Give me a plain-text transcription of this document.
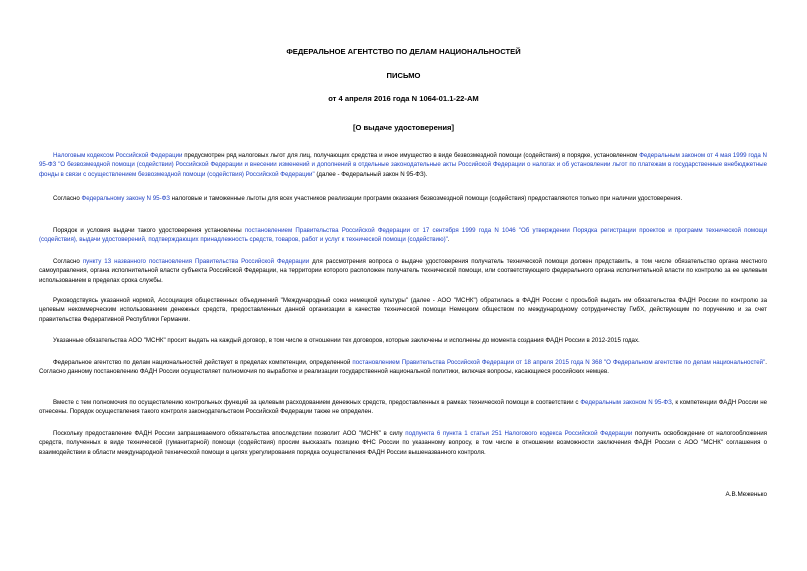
ФЕДЕРАЛЬНОЕ АГЕНТСТВО ПО ДЕЛАМ НАЦИОНАЛЬНОСТЕЙ
ПИСЬМО
от 4 апреля 2016 года N 1064-01.1-22-АМ
[О выдаче удостоверения]
Налоговым кодексом Российской Федерации предусмотрен ряд налоговых льгот для лиц, получающих средства и иное имущество в виде безвозмездной помощи (содействия) в порядке, установленном Федеральным законом от 4 мая 1999 года N 95-ФЗ "О безвозмездной помощи (содействии) Российской Федерации и внесении изменений и дополнений в отдельные законодательные акты Российской Федерации о налогах и об установлении льгот по платежам в государственные внебюджетные фонды в связи с осуществлением безвозмездной помощи (содействия) Российской Федерации" (далее - Федеральный закон N 95-ФЗ).
Согласно Федеральному закону N 95-ФЗ налоговые и таможенные льготы для всех участников реализации программ оказания безвозмездной помощи (содействия) предоставляются только при наличии удостоверения.
Порядок и условия выдачи такого удостоверения установлены постановлением Правительства Российской Федерации от 17 сентября 1999 года N 1046 "Об утверждении Порядка регистрации проектов и программ технической помощи (содействия), выдачи удостоверений, подтверждающих принадлежность средств, товаров, работ и услуг к технической помощи (содействию)".
Согласно пункту 13 названного постановления Правительства Российской Федерации для рассмотрения вопроса о выдаче удостоверения получатель технической помощи должен представить, в том числе обязательство органа местного самоуправления, органа исполнительной власти субъекта Российской Федерации, на территории которого расположен получатель технической помощи, или соответствующего федерального органа исполнительной власти по контролю за ее целевым использованием в пределах срока службы.
Руководствуясь указанной нормой, Ассоциация общественных объединений "Международный союз немецкой культуры" (далее - АОО "МСНК") обратилась в ФАДН России с просьбой выдать им обязательства ФАДН России по контролю за целевым некоммерческим использованием денежных средств, предоставленных данной организации в качестве технической помощи Немецким обществом по международному сотрудничеству ГмбХ, действующим по поручению и за счет правительства Федеративной Республики Германии.
Указанные обязательства АОО "МСНК" просит выдать на каждый договор, в том числе в отношении тех договоров, которые заключены и исполнены до момента создания ФАДН России в 2012-2015 годах.
Федеральное агентство по делам национальностей действует в пределах компетенции, определенной постановлением Правительства Российской Федерации от 18 апреля 2015 года N 368 "О Федеральном агентстве по делам национальностей". Согласно данному постановлению ФАДН России осуществляет полномочия по выработке и реализации государственной национальной политики, включая вопросы, касающиеся российских немцев.
Вместе с тем полномочия по осуществлению контрольных функций за целевым расходованием денежных средств, предоставленных в рамках технической помощи в соответствии с Федеральным законом N 95-ФЗ, к компетенции ФАДН России не отнесены. Порядок осуществления такого контроля законодательством Российской Федерации также не определен.
Поскольку предоставление ФАДН России запрашиваемого обязательства впоследствии позволит АОО "МСНК" в силу подпункта 6 пункта 1 статьи 251 Налогового кодекса Российской Федерации получить освобождение от налогообложения средств, полученных в виде технической (гуманитарной) помощи (содействия) просим высказать позицию ФНС России по указанному вопросу, в том числе в отношении возможности заключения ФАДН России с АОО "МСНК" соглашения о взаимодействии в области международной технической помощи в целях урегулирования порядка осуществления ФАДН России вышеназванного контроля.
А.В.Меженько
